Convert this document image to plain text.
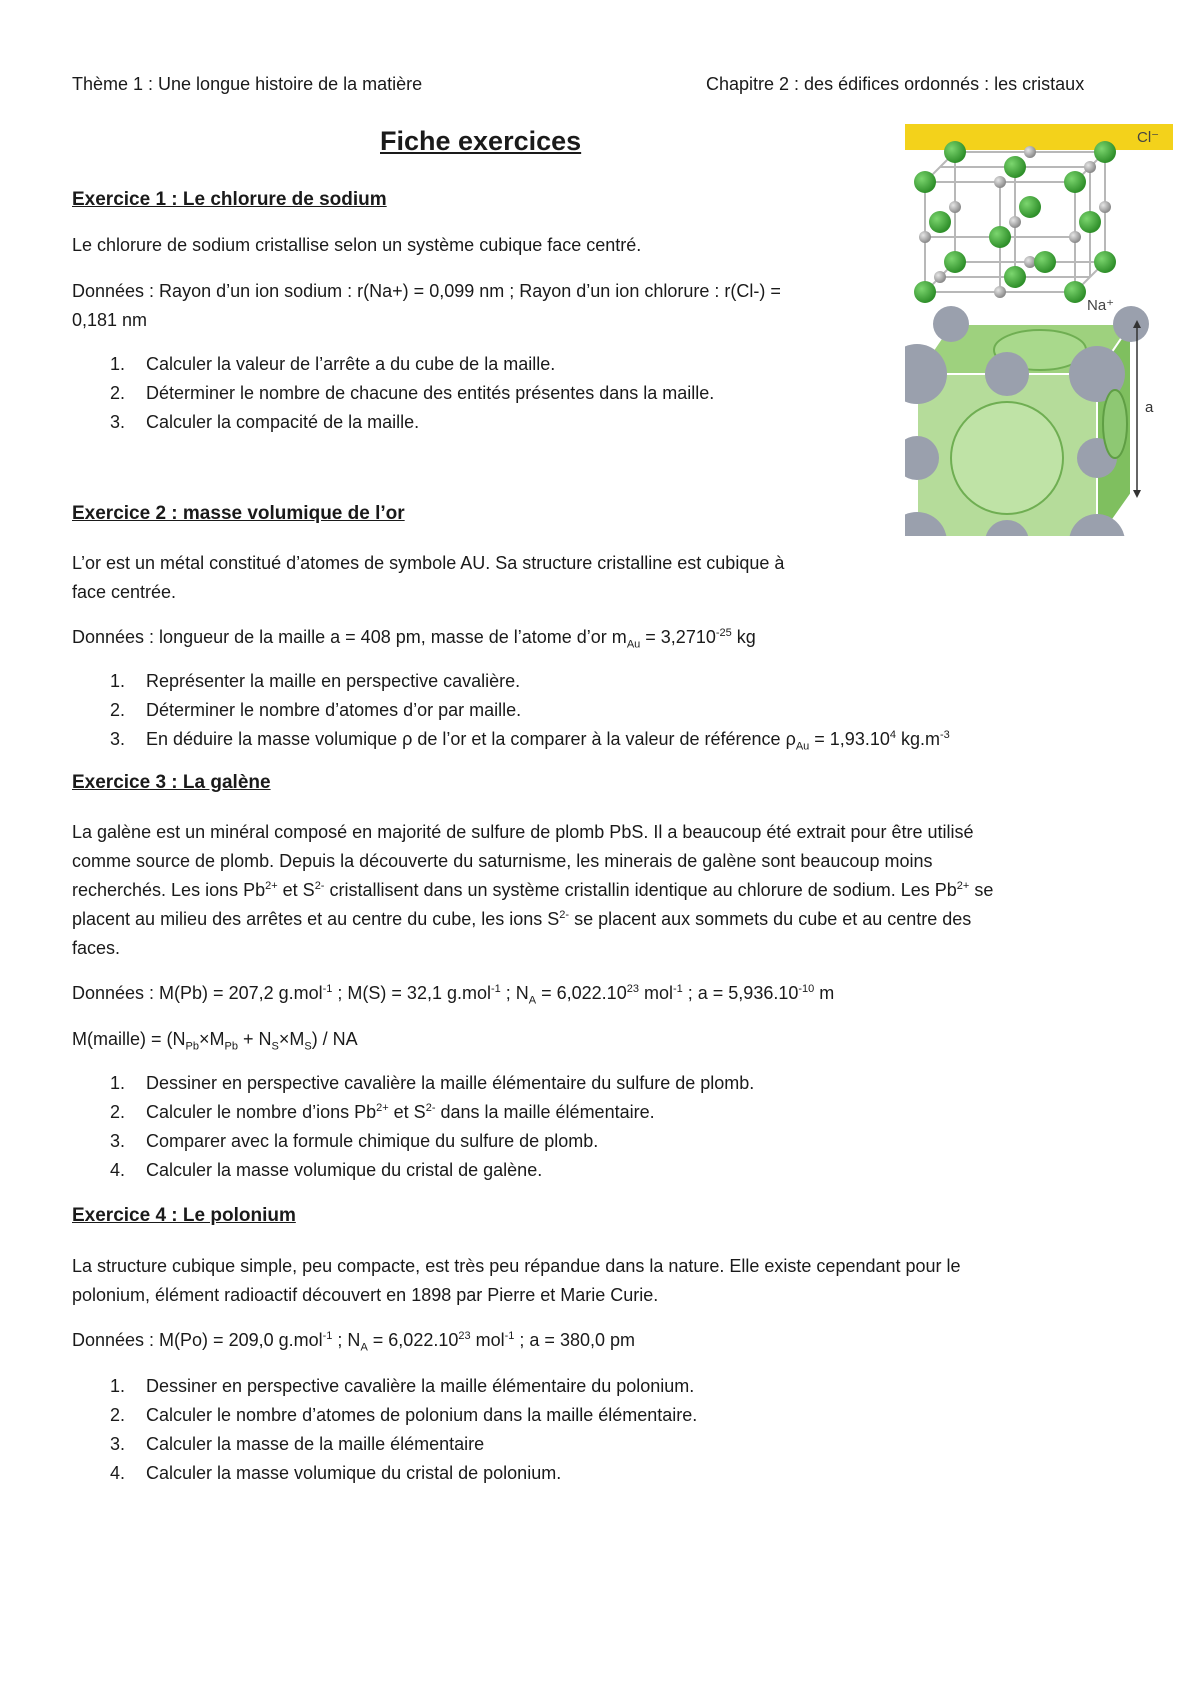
Thème 1 : Une longue histoire de la matière	Chapitre 2 : des édifices ordonnés : les cristaux
Fiche exercices	Cl⁻
Na⁺
a
Exercice 1 : Le chlorure de sodium

Le chlorure de sodium cristallise selon un système cubique face centré.

Données : Rayon d’un ion sodium : r(Na+) = 0,099 nm ; Rayon d’un ion chlorure : r(Cl-) =

0,181 nm

1. Calculer la valeur de l’arrête a du cube de la maille.
2. Déterminer le nombre de chacune des entités présentes dans la maille.
3. Calculer la compacité de la maille.
Exercice 2 : masse volumique de l’or

L’or est un métal constitué d’atomes de symbole AU. Sa structure cristalline est cubique à

face centrée.

Données : longueur de la maille a = 408 pm, masse de l’atome d’or $m_{Au} = 3,2710^{-25}$ kg

1. Représenter la maille en perspective cavalière.
2. Déterminer le nombre d’atomes d’or par maille.
3. En déduire la masse volumique ρ de l’or et la comparer à la valeur de référence $\rho_{Au} = 1,93.10^4$ $kg.m^{-3}$
Exercice 3 : La galène

La galène est un minéral composé en majorité de sulfure de plomb PbS. Il a beaucoup été extrait pour être utilisé

comme source de plomb. Depuis la découverte du saturnisme, les minerais de galène sont beaucoup moins

recherchés. Les ions $Pb^{2+}$ et $S^{2-}$ cristallisent dans un système cristallin identique au chlorure de sodium. Les $Pb^{2+}$ se

placent au milieu des arrêtes et au centre du cube, les ions $S^{2-}$ se placent aux sommets du cube et au centre des

faces.

Données : M(Pb) = 207,2 g.mol$^{-1}$ ; M(S) = 32,1 g.mol$^{-1}$ ; $N_A = 6,022.10^{23}$ mol$^{-1}$ ; $a = 5,936.10^{-10}$ m

M(maille) = $(N_{Pb}\times M_{Pb} + N_S\times M_S)$ / NA

1. Dessiner en perspective cavalière la maille élémentaire du sulfure de plomb.
2. Calculer le nombre d’ions $Pb^{2+}$ et $S^{2-}$ dans la maille élémentaire.
3. Comparer avec la formule chimique du sulfure de plomb.
4. Calculer la masse volumique du cristal de galène.
Exercice 4 : Le polonium

La structure cubique simple, peu compacte, est très peu répandue dans la nature. Elle existe cependant pour le

polonium, élément radioactif découvert en 1898 par Pierre et Marie Curie.

Données : M(Po) = 209,0 g.mol$^{-1}$ ; $N_A = 6,022.10^{23}$ mol$^{-1}$ ; a = 380,0 pm

1. Dessiner en perspective cavalière la maille élémentaire du polonium.
2. Calculer le nombre d’atomes de polonium dans la maille élémentaire.
3. Calculer la masse de la maille élémentaire
4. Calculer la masse volumique du cristal de polonium.
